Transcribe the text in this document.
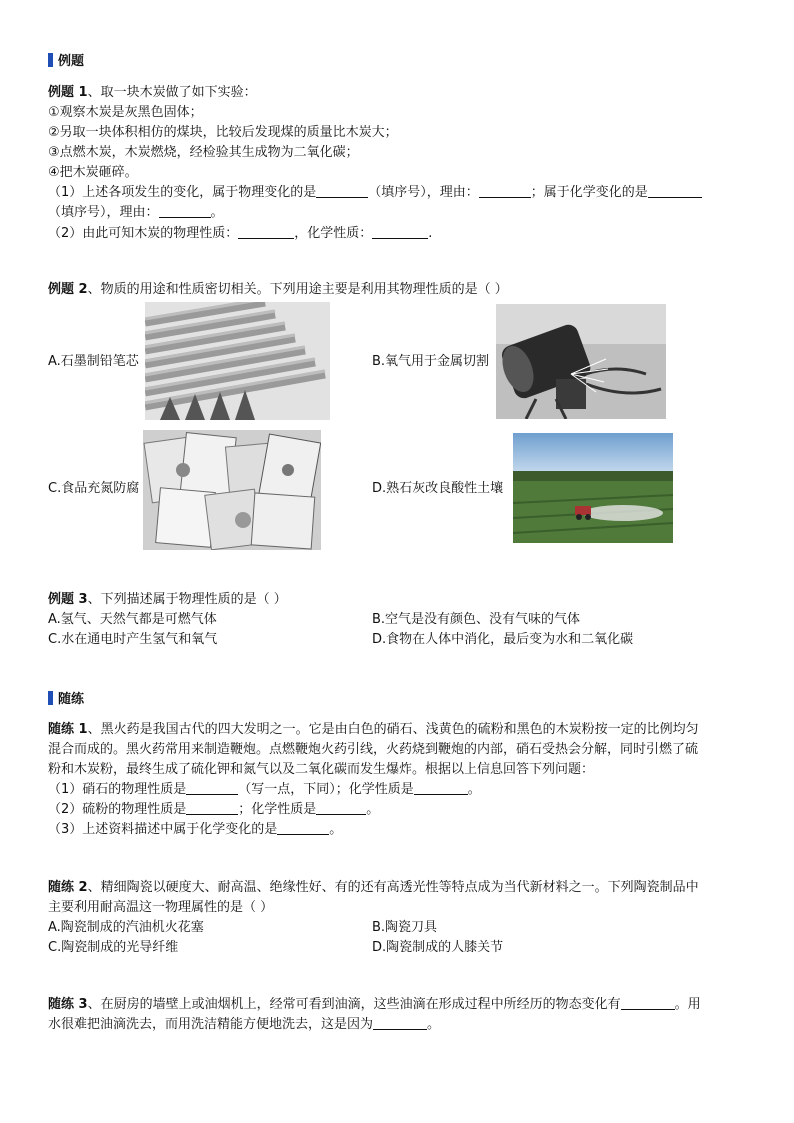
例题
例题 1、取一块木炭做了如下实验：
①观察木炭是灰黑色固体；
②另取一块体积相仿的煤块，比较后发现煤的质量比木炭大；
③点燃木炭，木炭燃烧，经检验其生成物为二氧化碳；
④把木炭砸碎。
（1）上述各项发生的变化，属于物理变化的是	（填序号），理由：	；属于化学变化的是
（填序号），理由：	。
（2）由此可知木炭的物理性质：	，化学性质：	.
例题 2、物质的用途和性质密切相关。下列用途主要是利用其物理性质的是（ ）
A.石墨制铅笔芯	B.氧气用于金属切割
C.食品充氮防腐	D.熟石灰改良酸性土壤
例题 3、下列描述属于物理性质的是（ ）
A.氢气、天然气都是可燃气体	B.空气是没有颜色、没有气味的气体
C.水在通电时产生氢气和氧气	D.食物在人体中消化，最后变为水和二氧化碳
随练
随练 1、黑火药是我国古代的四大发明之一。它是由白色的硝石、浅黄色的硫粉和黑色的木炭粉按一定的比例均匀
混合而成的。黑火药常用来制造鞭炮。点燃鞭炮火药引线，火药烧到鞭炮的内部，硝石受热会分解，同时引燃了硫
粉和木炭粉，最终生成了硫化钾和氮气以及二氧化碳而发生爆炸。根据以上信息回答下列问题：
（1）硝石的物理性质是	（写一点，下同）；化学性质是	。
（2）硫粉的物理性质是	；化学性质是	。
（3）上述资料描述中属于化学变化的是	。
随练 2、精细陶瓷以硬度大、耐高温、绝缘性好、有的还有高透光性等特点成为当代新材料之一。下列陶瓷制品中
主要利用耐高温这一物理属性的是（ ）
A.陶瓷制成的汽油机火花塞	B.陶瓷刀具
C.陶瓷制成的光导纤维	D.陶瓷制成的人膝关节
随练 3、在厨房的墙壁上或油烟机上，经常可看到油滴，这些油滴在形成过程中所经历的物态变化有	。用
水很难把油滴洗去，而用洗洁精能方便地洗去，这是因为	。
